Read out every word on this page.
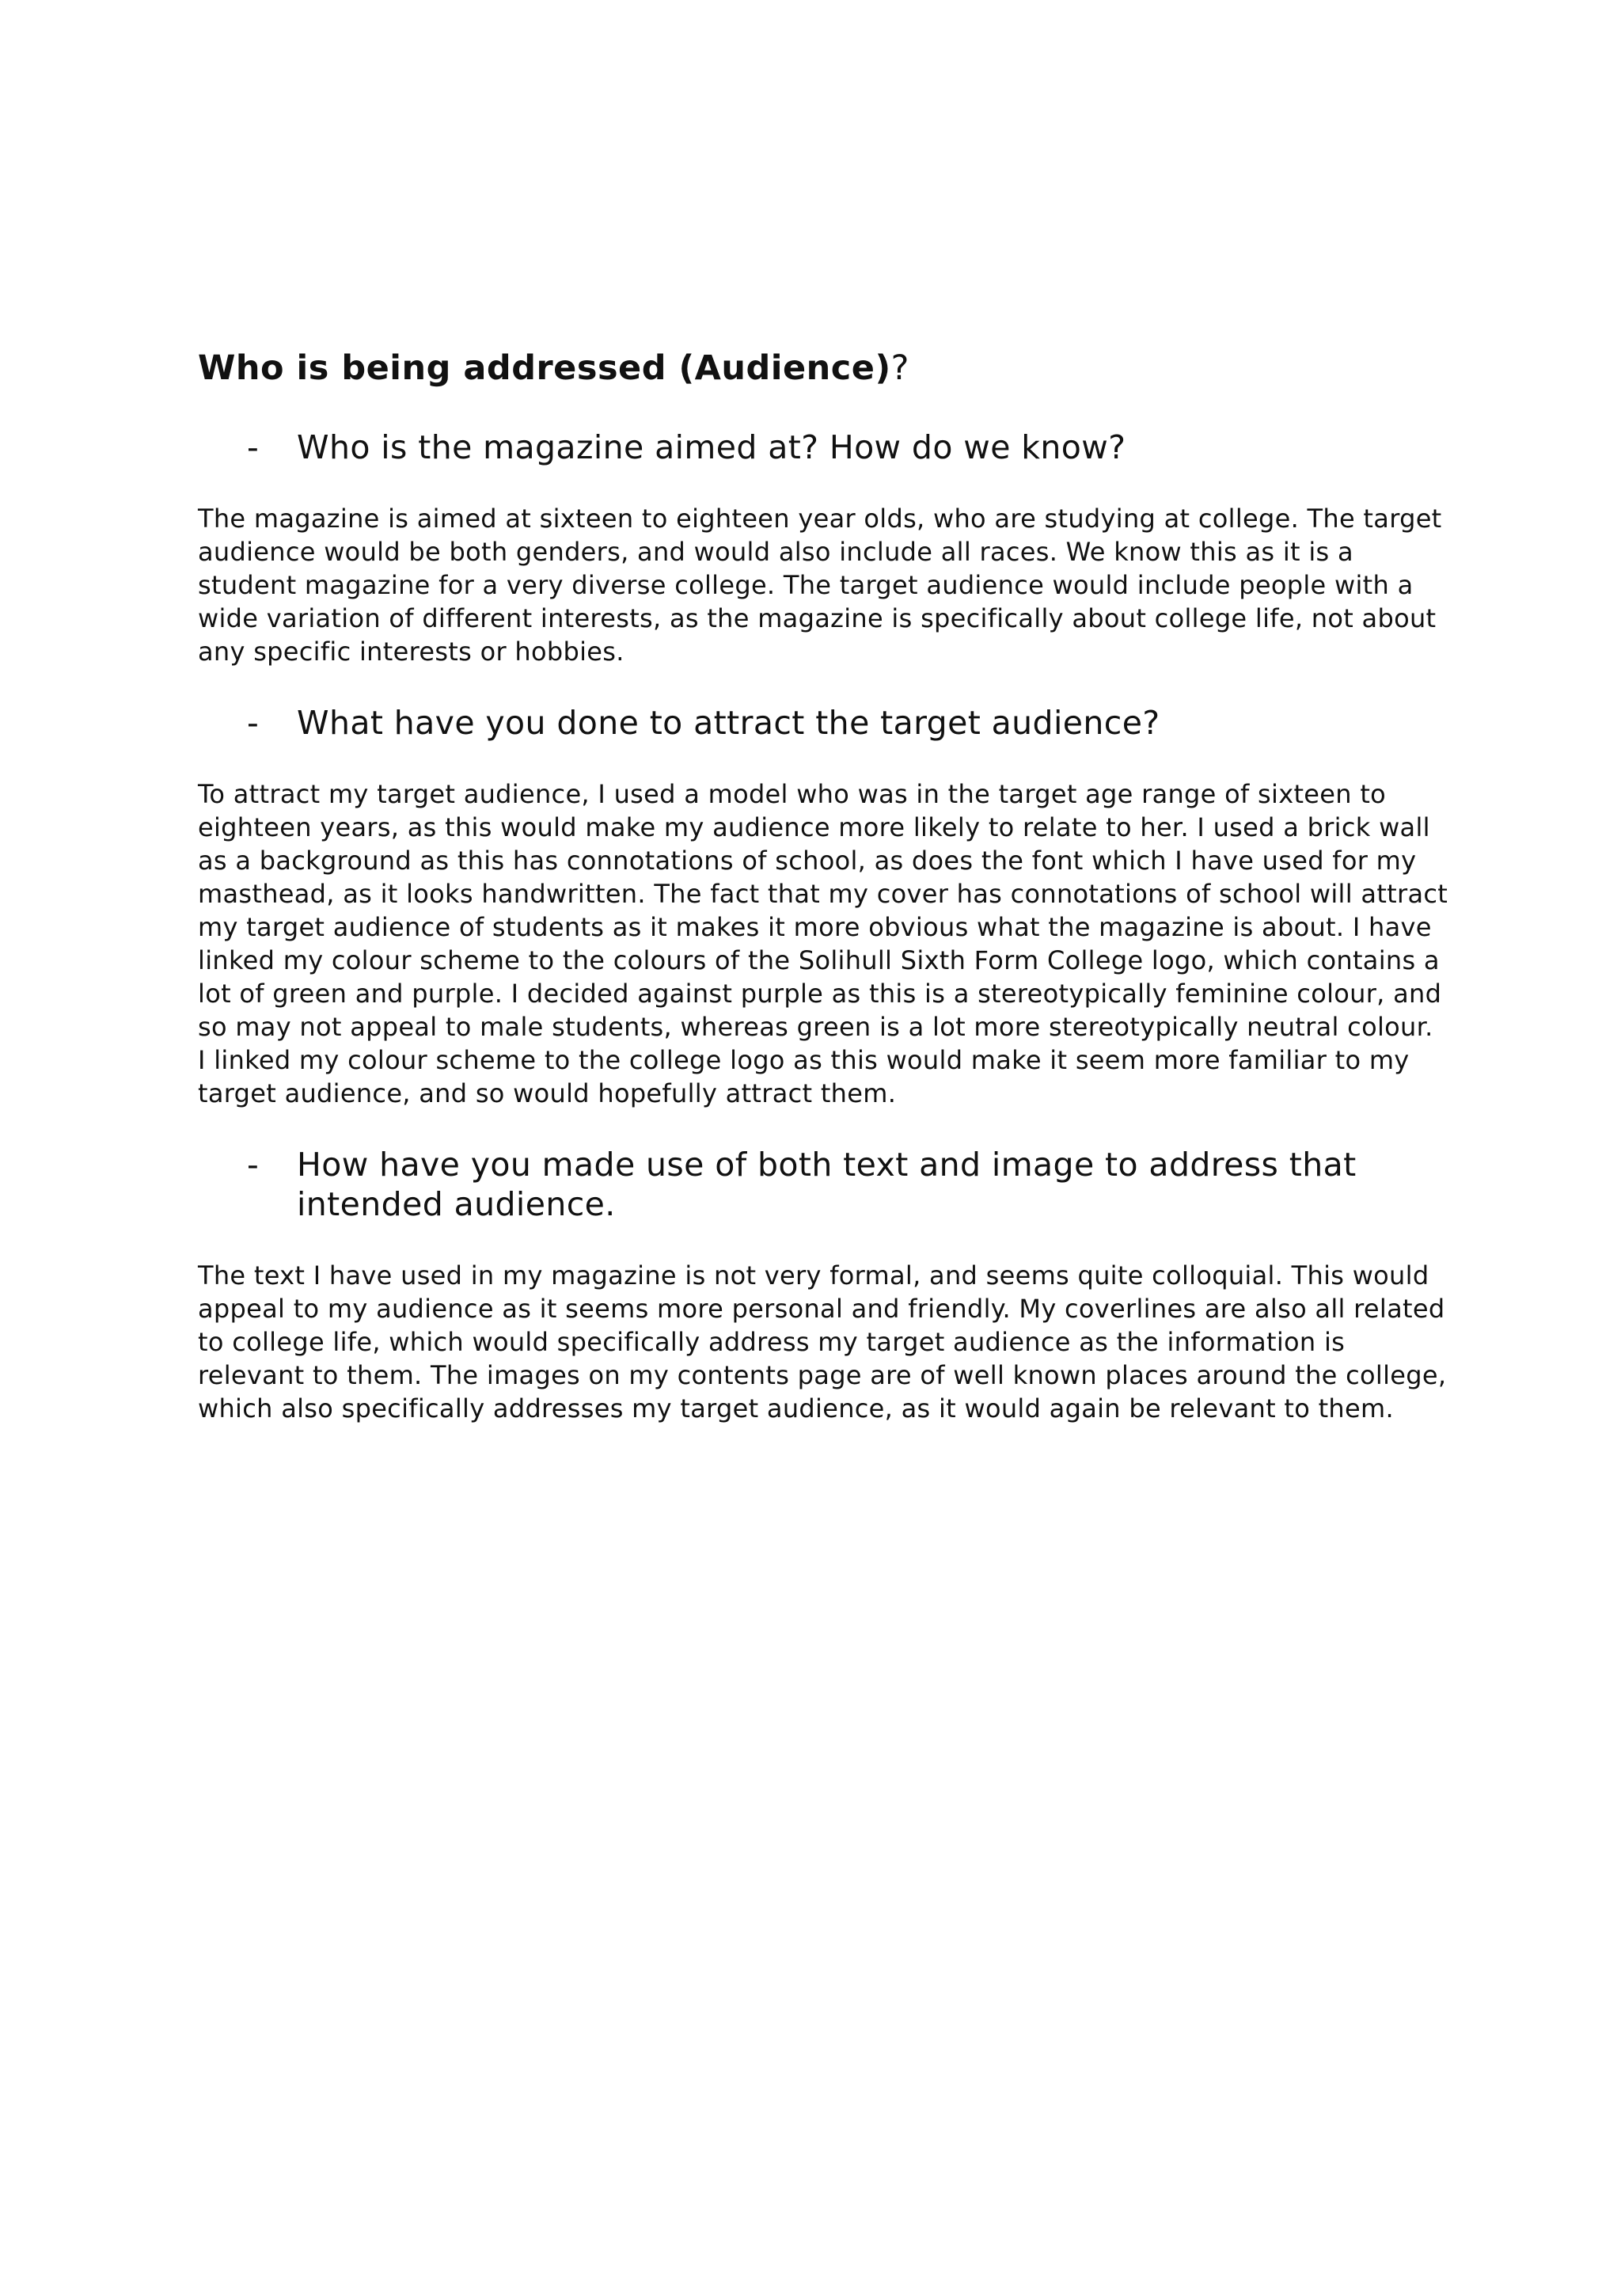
Who is being addressed (Audience)?
- Who is the magazine aimed at? How do we know?

The magazine is aimed at sixteen to eighteen year olds, who are studying at college. The target audience would be both genders, and would also include all races. We know this as it is a student magazine for a very diverse college. The target audience would include people with a wide variation of different interests, as the magazine is specifically about college life, not about any specific interests or hobbies.

- What have you done to attract the target audience?

To attract my target audience, I used a model who was in the target age range of sixteen to eighteen years, as this would make my audience more likely to relate to her. I used a brick wall as a background as this has connotations of school, as does the font which I have used for my masthead, as it looks handwritten. The fact that my cover has connotations of school will attract my target audience of students as it makes it more obvious what the magazine is about. I have linked my colour scheme to the colours of the Solihull Sixth Form College logo, which contains a lot of green and purple. I decided against purple as this is a stereotypically feminine colour, and so may not appeal to male students, whereas green is a lot more stereotypically neutral colour. I linked my colour scheme to the college logo as this would make it seem more familiar to my target audience, and so would hopefully attract them.

- How have you made use of both text and image to address that intended audience.

The text I have used in my magazine is not very formal, and seems quite colloquial. This would appeal to my audience as it seems more personal and friendly. My coverlines are also all related to college life, which would specifically address my target audience as the information is relevant to them. The images on my contents page are of well known places around the college, which also specifically addresses my target audience, as it would again be relevant to them.
